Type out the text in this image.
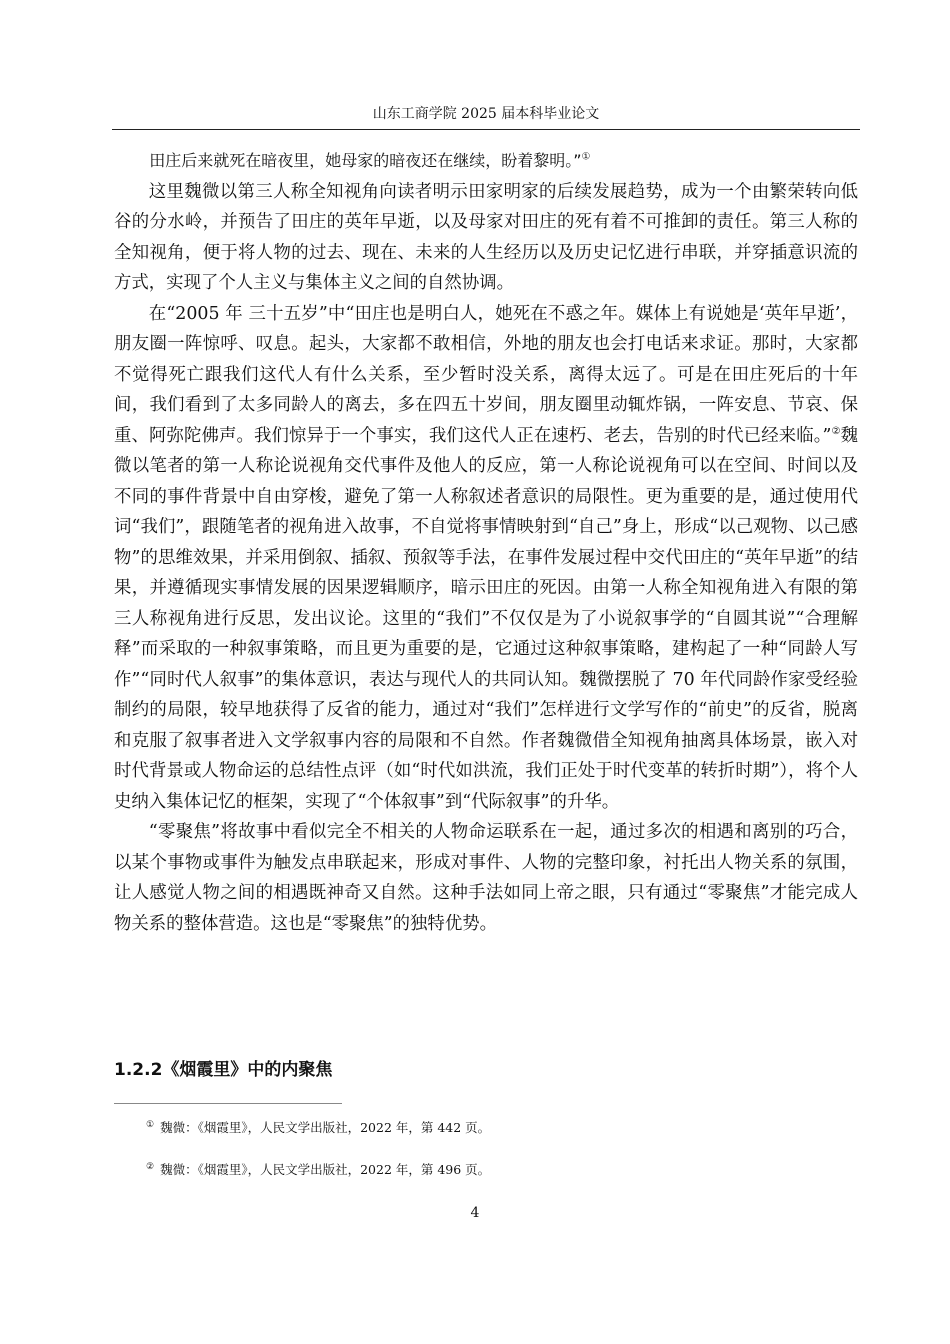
山东工商学院 2025 届本科毕业论文

田庄后来就死在暗夜里，她母家的暗夜还在继续，盼着黎明。”①

这里魏微以第三人称全知视角向读者明示田家明家的后续发展趋势，成为一个由繁荣转向低谷的分水岭，并预告了田庄的英年早逝，以及母家对田庄的死有着不可推卸的责任。第三人称的全知视角，便于将人物的过去、现在、未来的人生经历以及历史记忆进行串联，并穿插意识流的方式，实现了个人主义与集体主义之间的自然协调。

在“2005 年 三十五岁”中“田庄也是明白人，她死在不惑之年。媒体上有说她是‘英年早逝’，朋友圈一阵惊呼、叹息。起头，大家都不敢相信，外地的朋友也会打电话来求证。那时，大家都不觉得死亡跟我们这代人有什么关系，至少暂时没关系，离得太远了。可是在田庄死后的十年间，我们看到了太多同龄人的离去，多在四五十岁间，朋友圈里动辄炸锅，一阵安息、节哀、保重、阿弥陀佛声。我们惊异于一个事实，我们这代人正在速朽、老去，告别的时代已经来临。”②魏微以笔者的第一人称论说视角交代事件及他人的反应，第一人称论说视角可以在空间、时间以及不同的事件背景中自由穿梭，避免了第一人称叙述者意识的局限性。更为重要的是，通过使用代词“我们”，跟随笔者的视角进入故事，不自觉将事情映射到“自己”身上，形成“以己观物、以己感物”的思维效果，并采用倒叙、插叙、预叙等手法，在事件发展过程中交代田庄的“英年早逝”的结果，并遵循现实事情发展的因果逻辑顺序，暗示田庄的死因。由第一人称全知视角进入有限的第三人称视角进行反思，发出议论。这里的“我们”不仅仅是为了小说叙事学的“自圆其说”“合理解释”而采取的一种叙事策略，而且更为重要的是，它通过这种叙事策略，建构起了一种“同龄人写作”“同时代人叙事”的集体意识，表达与现代人的共同认知。魏微摆脱了 70 年代同龄作家受经验制约的局限，较早地获得了反省的能力，通过对“我们”怎样进行文学写作的“前史”的反省，脱离和克服了叙事者进入文学叙事内容的局限和不自然。作者魏微借全知视角抽离具体场景，嵌入对时代背景或人物命运的总结性点评（如“时代如洪流，我们正处于时代变革的转折时期”），将个人史纳入集体记忆的框架，实现了“个体叙事”到“代际叙事”的升华。

“零聚焦”将故事中看似完全不相关的人物命运联系在一起，通过多次的相遇和离别的巧合，以某个事物或事件为触发点串联起来，形成对事件、人物的完整印象，衬托出人物关系的氛围，让人感觉人物之间的相遇既神奇又自然。这种手法如同上帝之眼，只有通过“零聚焦”才能完成人物关系的整体营造。这也是“零聚焦”的独特优势。

1.2.2《烟霞里》中的内聚焦
① 魏微：《烟霞里》，人民文学出版社，2022 年，第 442 页。
② 魏微：《烟霞里》，人民文学出版社，2022 年，第 496 页。
4
